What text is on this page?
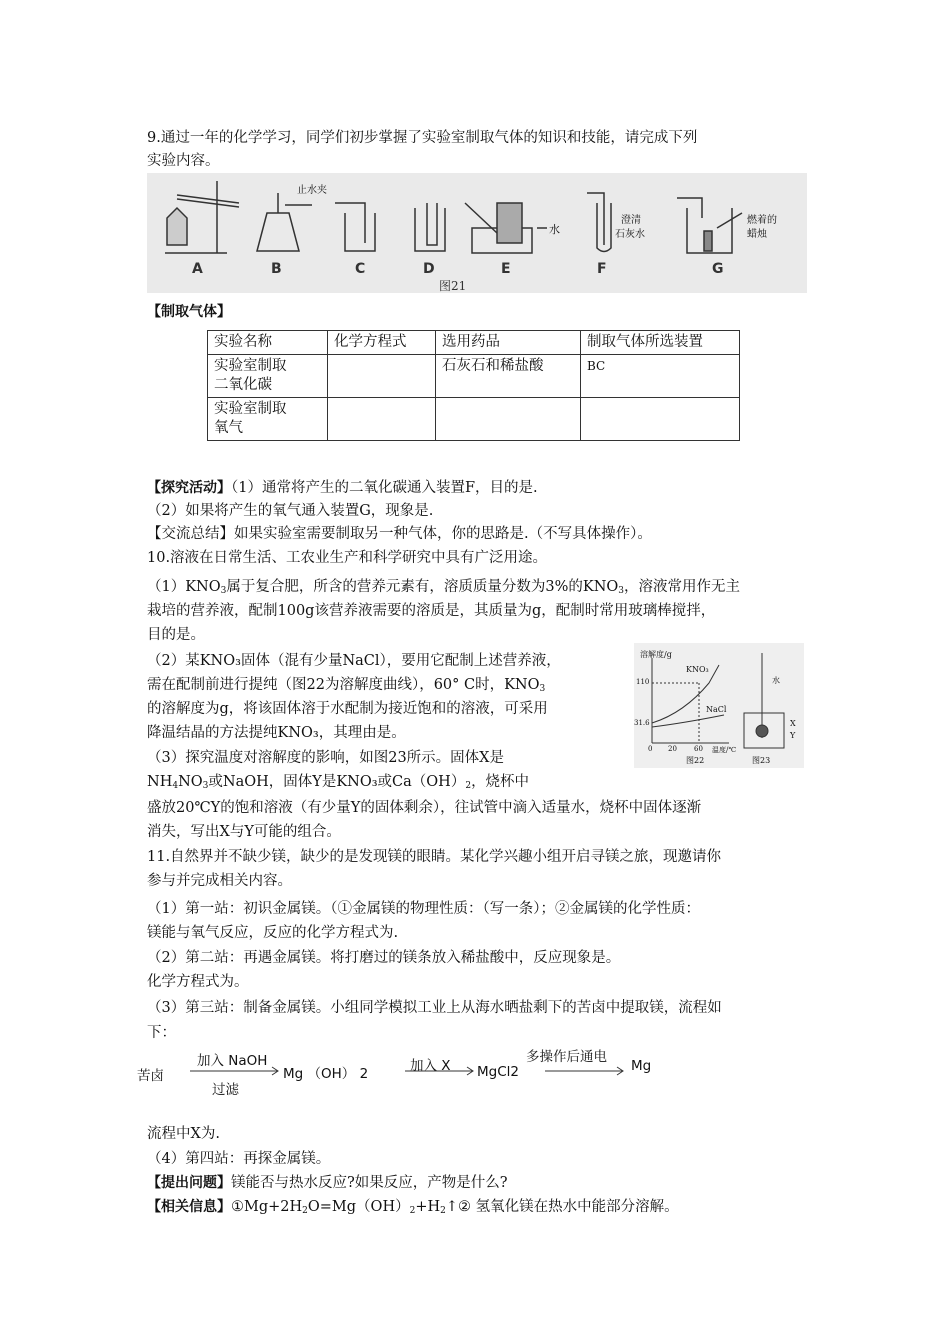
9.通过一年的化学学习，同学们初步掌握了实验室制取气体的知识和技能，请完成下列
实验内容。
A	B	C	D	E	F	G
止水夹
水
澄清
石灰水
燃着的
蜡烛
图21
【制取气体】
实验名称	化学方程式	选用药品	制取气体所选装置
实验室制取
二氧化碳		石灰石和稀盐酸	BC
实验室制取
氧气			
【探究活动】（1）通常将产生的二氧化碳通入装置F，目的是.
（2）如果将产生的氧气通入装置G，现象是.
【交流总结】如果实验室需要制取另一种气体，你的思路是.（不写具体操作）。
10.溶液在日常生活、工农业生产和科学研究中具有广泛用途。
$(1)KNO_3$属于复合肥，所含的营养元素有，溶质质量分数为3%的$KNO_3$，溶液常用作无主
栽培的营养液，配制100g该营养液需要的溶质是，其质量为g，配制时常用玻璃棒搅拌，
目的是。
（2）某KNO₃固体（混有少量NaCl），要用它配制上述营养液，
需在配制前进行提纯（图22为溶解度曲线），60° C时，$KNO_3$
的溶解度为g，将该固体溶于水配制为接近饱和的溶液，可采用
降温结晶的方法提纯KNO₃，其理由是。
（3）探究温度对溶解度的影响，如图23所示。固体X是
$NH_4NO_3$或NaOH，固体Y是KNO₃或$Ca(OH)_2$，烧杯中
盛放20℃Y的饱和溶液（有少量Y的固体剩余），往试管中滴入适量水，烧杯中固体逐渐
消失，写出X与Y可能的组合。
溶解度/g
KNO₃
NaCl
110
31.6
0 20 60 温度/℃
图22	图23
水
X
Y
11.自然界并不缺少镁，缺少的是发现镁的眼睛。某化学兴趣小组开启寻镁之旅，现邀请你
参与并完成相关内容。
（1）第一站：初识金属镁。（①金属镁的物理性质：（写一条）；②金属镁的化学性质：
镁能与氧气反应，反应的化学方程式为.
（2）第二站：再遇金属镁。将打磨过的镁条放入稀盐酸中，反应现象是。
化学方程式为。
（3）第三站：制备金属镁。小组同学模拟工业上从海水晒盐剩下的苦卤中提取镁，流程如
下：
苦卤
加入 NaOH
过滤
Mg （OH） 2	加入 X MgCl2
多操作后通电
Mg
流程中X为.
（4）第四站：再探金属镁。
【提出问题】镁能否与热水反应?如果反应，产物是什么?
【相关信息】$①Mg+2H_2O=Mg(OH)_2+H_2↑②$ 氢氧化镁在热水中能部分溶解。
